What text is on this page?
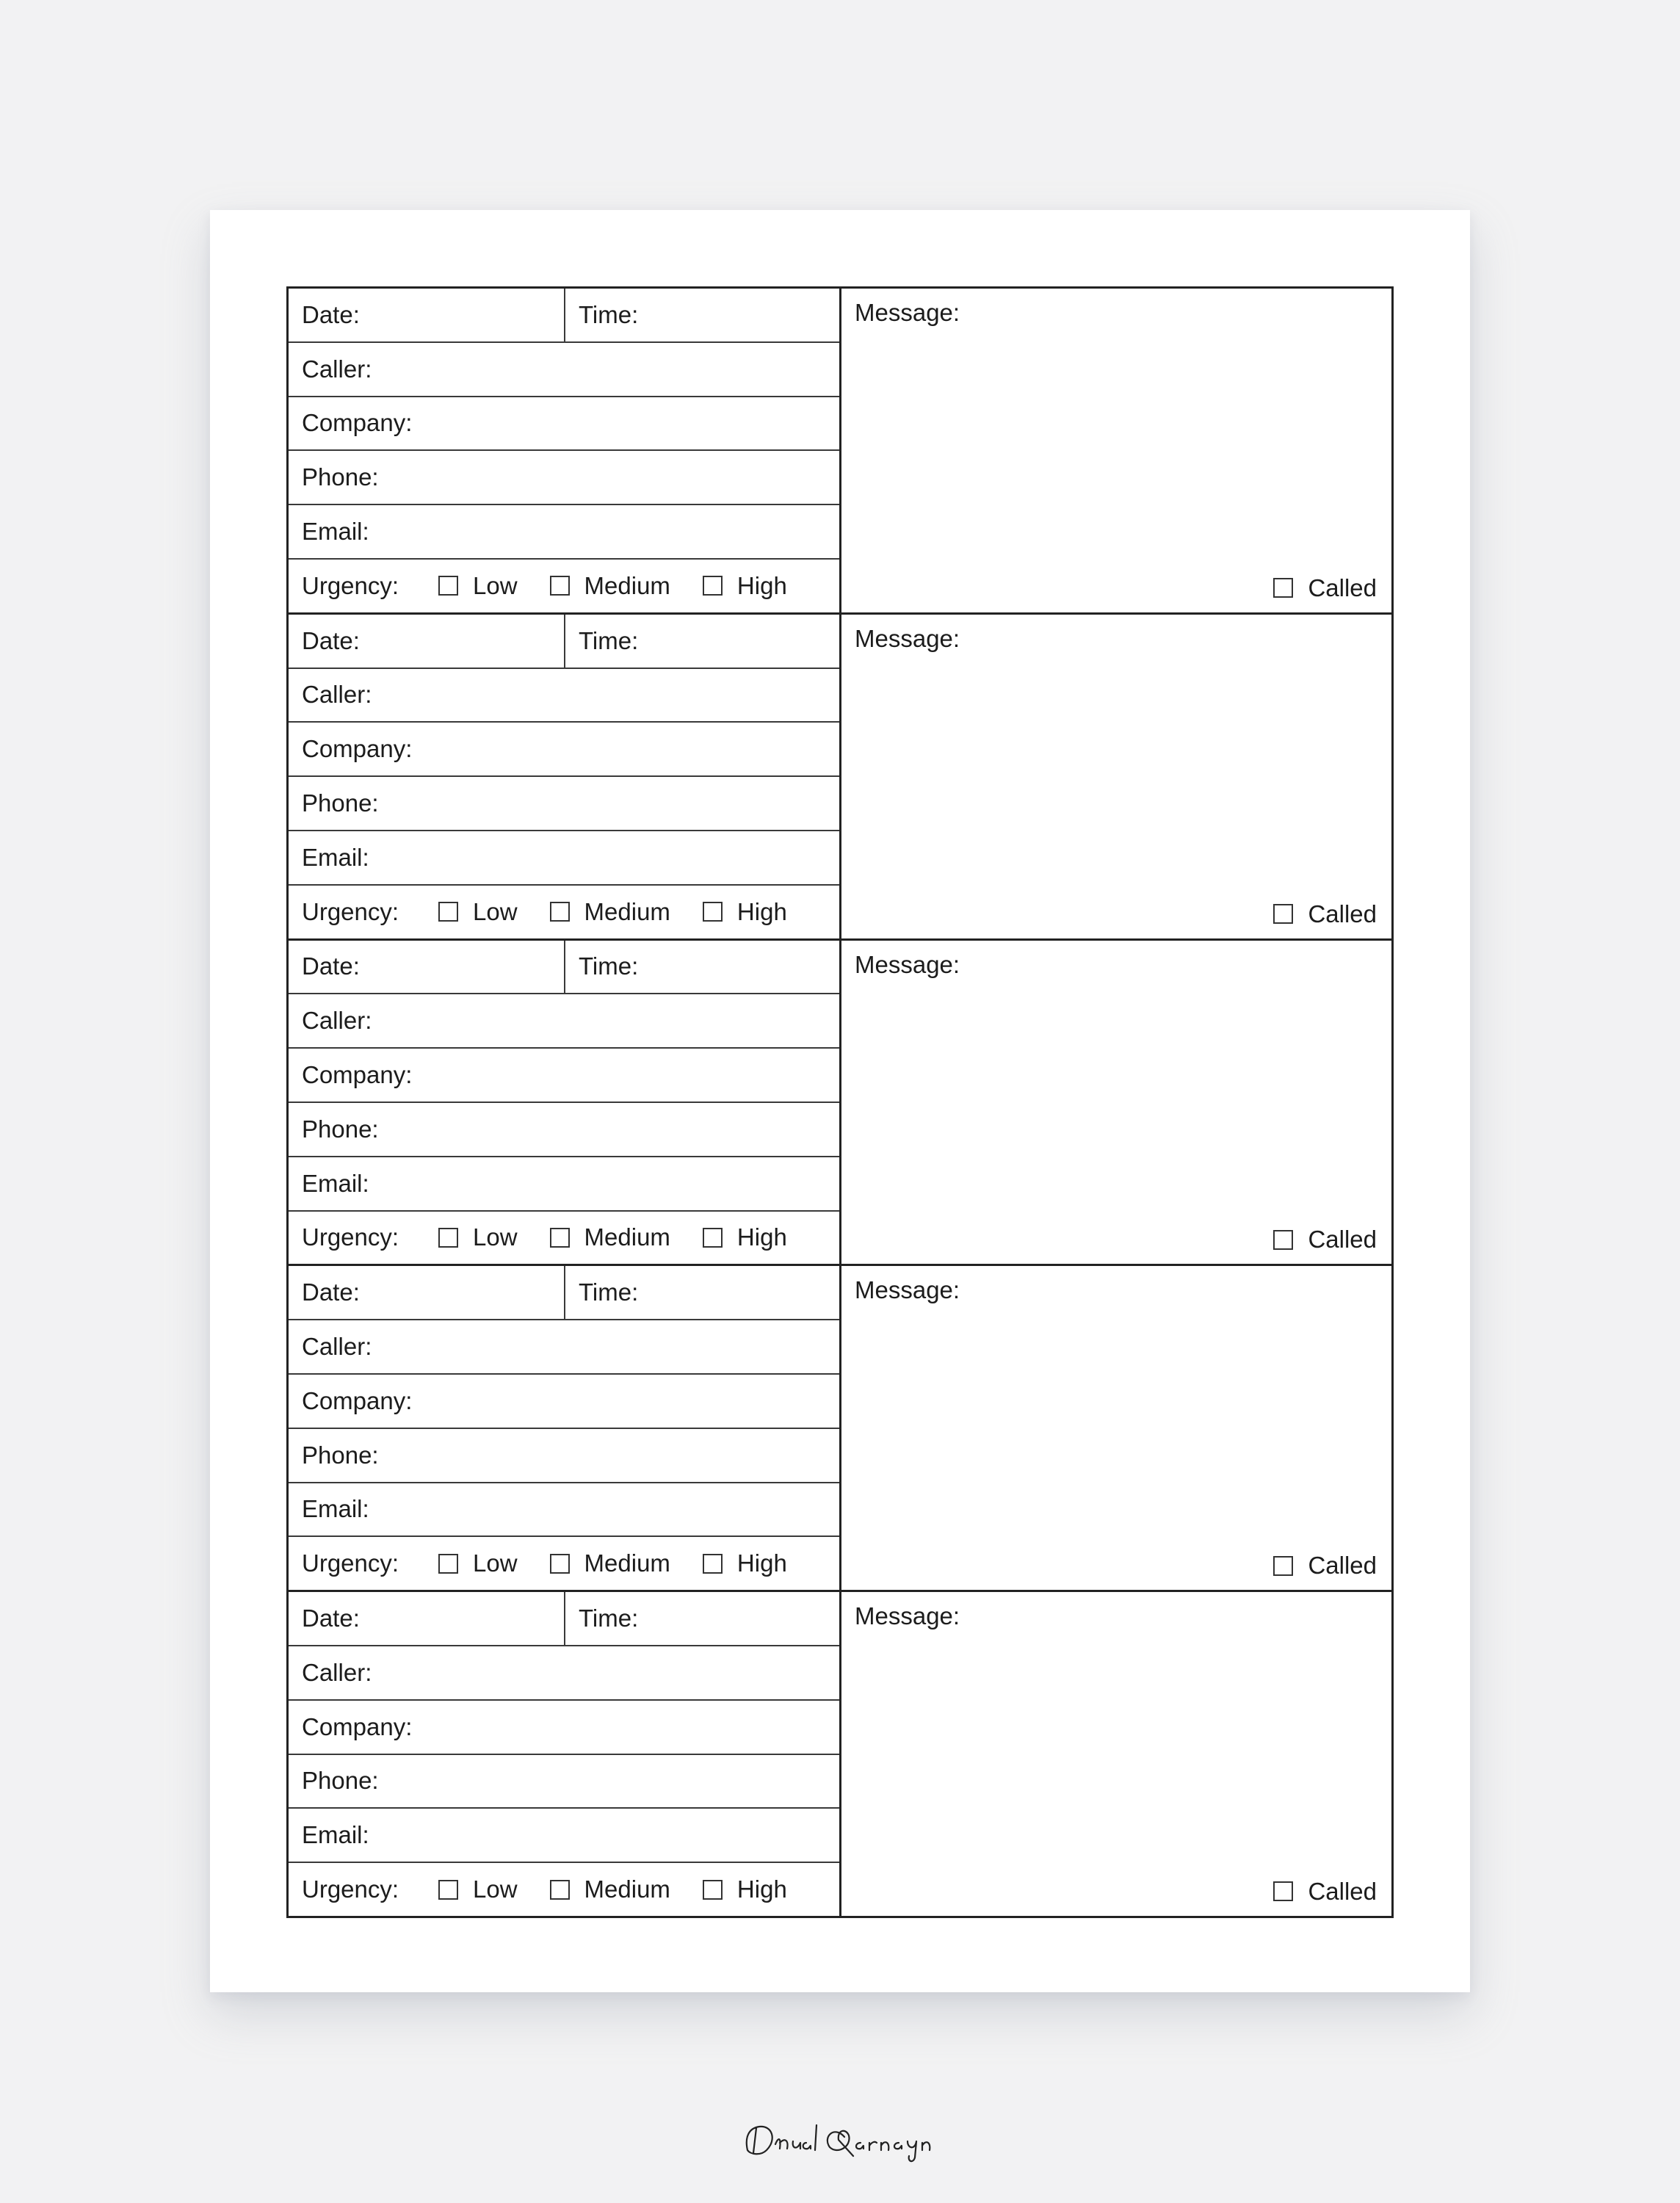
Date:	Time:
Caller:
Company:
Phone:
Email:
Urgency:	Low	Medium	High
Message:
Called
Date:	Time:
Caller:
Company:
Phone:
Email:
Urgency:	Low	Medium	High
Message:
Called
Date:	Time:
Caller:
Company:
Phone:
Email:
Urgency:	Low	Medium	High
Message:
Called
Date:	Time:
Caller:
Company:
Phone:
Email:
Urgency:	Low	Medium	High
Message:
Called
Date:	Time:
Caller:
Company:
Phone:
Email:
Urgency:	Low	Medium	High
Message:
Called
